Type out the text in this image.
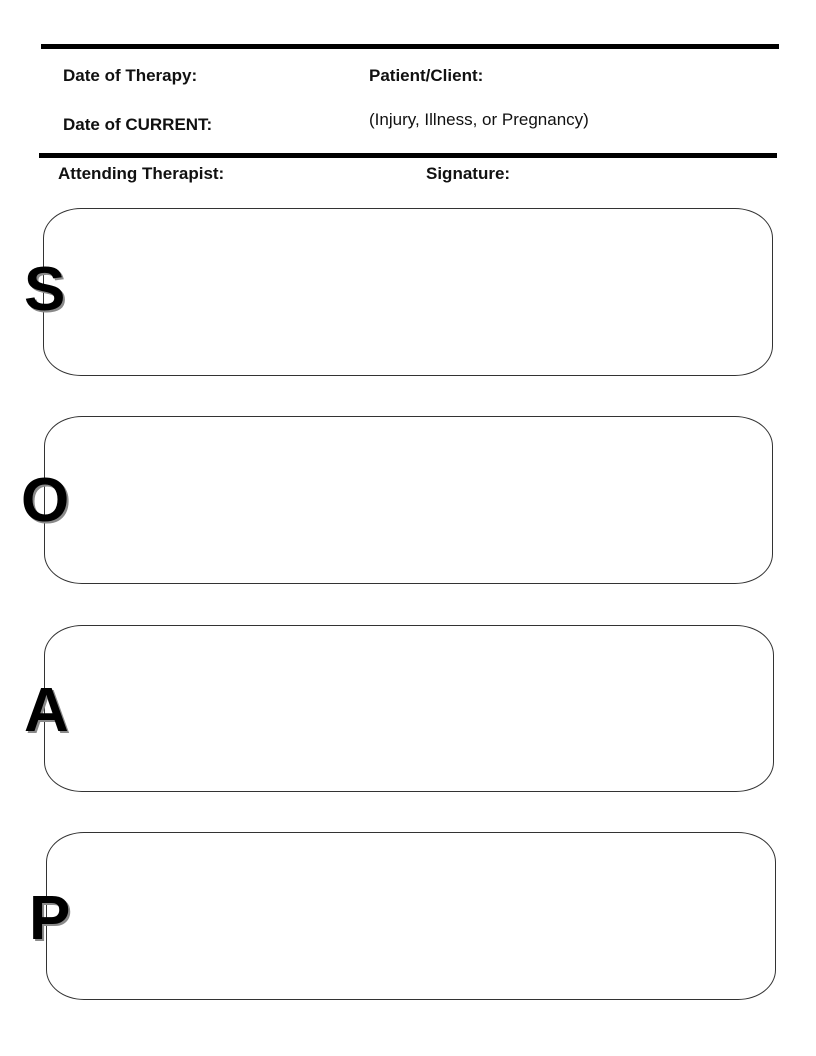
Date of Therapy:	Patient/Client:
Date of CURRENT:	(Injury, Illness, or Pregnancy)
Attending Therapist:	Signature:
S
O
A
P
